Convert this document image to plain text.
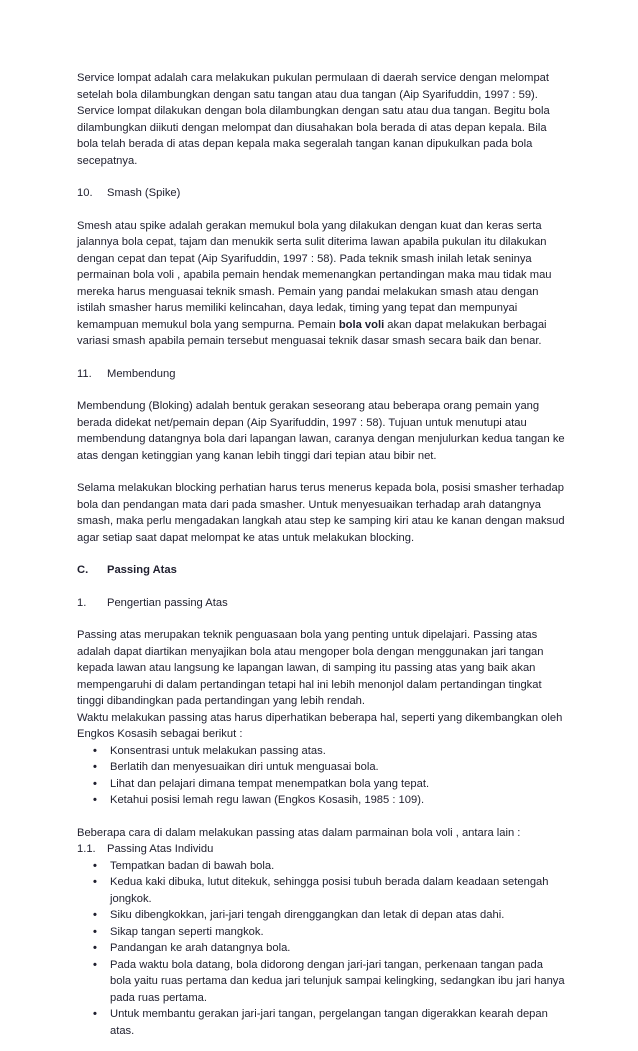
Service lompat adalah cara melakukan pukulan permulaan di daerah service dengan melompat setelah bola dilambungkan dengan satu tangan atau dua tangan (Aip Syarifuddin, 1997 : 59). Service lompat dilakukan dengan bola dilambungkan dengan satu atau dua tangan. Begitu bola dilambungkan diikuti dengan melompat dan diusahakan bola berada di atas depan kepala. Bila bola telah berada di atas depan kepala maka segeralah tangan kanan dipukulkan pada bola secepatnya.

10. Smash (Spike)

Smesh atau spike adalah gerakan memukul bola yang dilakukan dengan kuat dan keras serta jalannya bola cepat, tajam dan menukik serta sulit diterima lawan apabila pukulan itu dilakukan dengan cepat dan tepat (Aip Syarifuddin, 1997 : 58). Pada teknik smash inilah letak seninya permainan bola voli , apabila pemain hendak memenangkan pertandingan maka mau tidak mau mereka harus menguasai teknik smash. Pemain yang pandai melakukan smash atau dengan istilah smasher harus memiliki kelincahan, daya ledak, timing yang tepat dan mempunyai kemampuan memukul bola yang sempurna. Pemain bola voli akan dapat melakukan berbagai variasi smash apabila pemain tersebut menguasai teknik dasar smash secara baik dan benar.

11. Membendung

Membendung (Bloking) adalah bentuk gerakan seseorang atau beberapa orang pemain yang berada didekat net/pemain depan (Aip Syarifuddin, 1997 : 58). Tujuan untuk menutupi atau membendung datangnya bola dari lapangan lawan, caranya dengan menjulurkan kedua tangan ke atas dengan ketinggian yang kanan lebih tinggi dari tepian atau bibir net.

Selama melakukan blocking perhatian harus terus menerus kepada bola, posisi smasher terhadap bola dan pendangan mata dari pada smasher. Untuk menyesuaikan terhadap arah datangnya smash, maka perlu mengadakan langkah atau step ke samping kiri atau ke kanan dengan maksud agar setiap saat dapat melompat ke atas untuk melakukan blocking.

C. Passing Atas

1. Pengertian passing Atas

Passing atas merupakan teknik penguasaan bola yang penting untuk dipelajari. Passing atas adalah dapat diartikan menyajikan bola atau mengoper bola dengan menggunakan jari tangan kepada lawan atau langsung ke lapangan lawan, di samping itu passing atas yang baik akan mempengaruhi di dalam pertandingan tetapi hal ini lebih menonjol dalam pertandingan tingkat tinggi dibandingkan pada pertandingan yang lebih rendah.

Waktu melakukan passing atas harus diperhatikan beberapa hal, seperti yang dikembangkan oleh Engkos Kosasih sebagai berikut :

• Konsentrasi untuk melakukan passing atas.
• Berlatih dan menyesuaikan diri untuk menguasai bola.
• Lihat dan pelajari dimana tempat menempatkan bola yang tepat.
• Ketahui posisi lemah regu lawan (Engkos Kosasih, 1985 : 109).

Beberapa cara di dalam melakukan passing atas dalam parmainan bola voli , antara lain :

1.1. Passing Atas Individu

• Tempatkan badan di bawah bola.
• Kedua kaki dibuka, lutut ditekuk, sehingga posisi tubuh berada dalam keadaan setengah jongkok.
• Siku dibengkokkan, jari-jari tengah direnggangkan dan letak di depan atas dahi.
• Sikap tangan seperti mangkok.
• Pandangan ke arah datangnya bola.
• Pada waktu bola datang, bola didorong dengan jari-jari tangan, perkenaan tangan pada bola yaitu ruas pertama dan kedua jari telunjuk sampai kelingking, sedangkan ibu jari hanya pada ruas pertama.
• Untuk membantu gerakan jari-jari tangan, pergelangan tangan digerakkan kearah depan atas.
